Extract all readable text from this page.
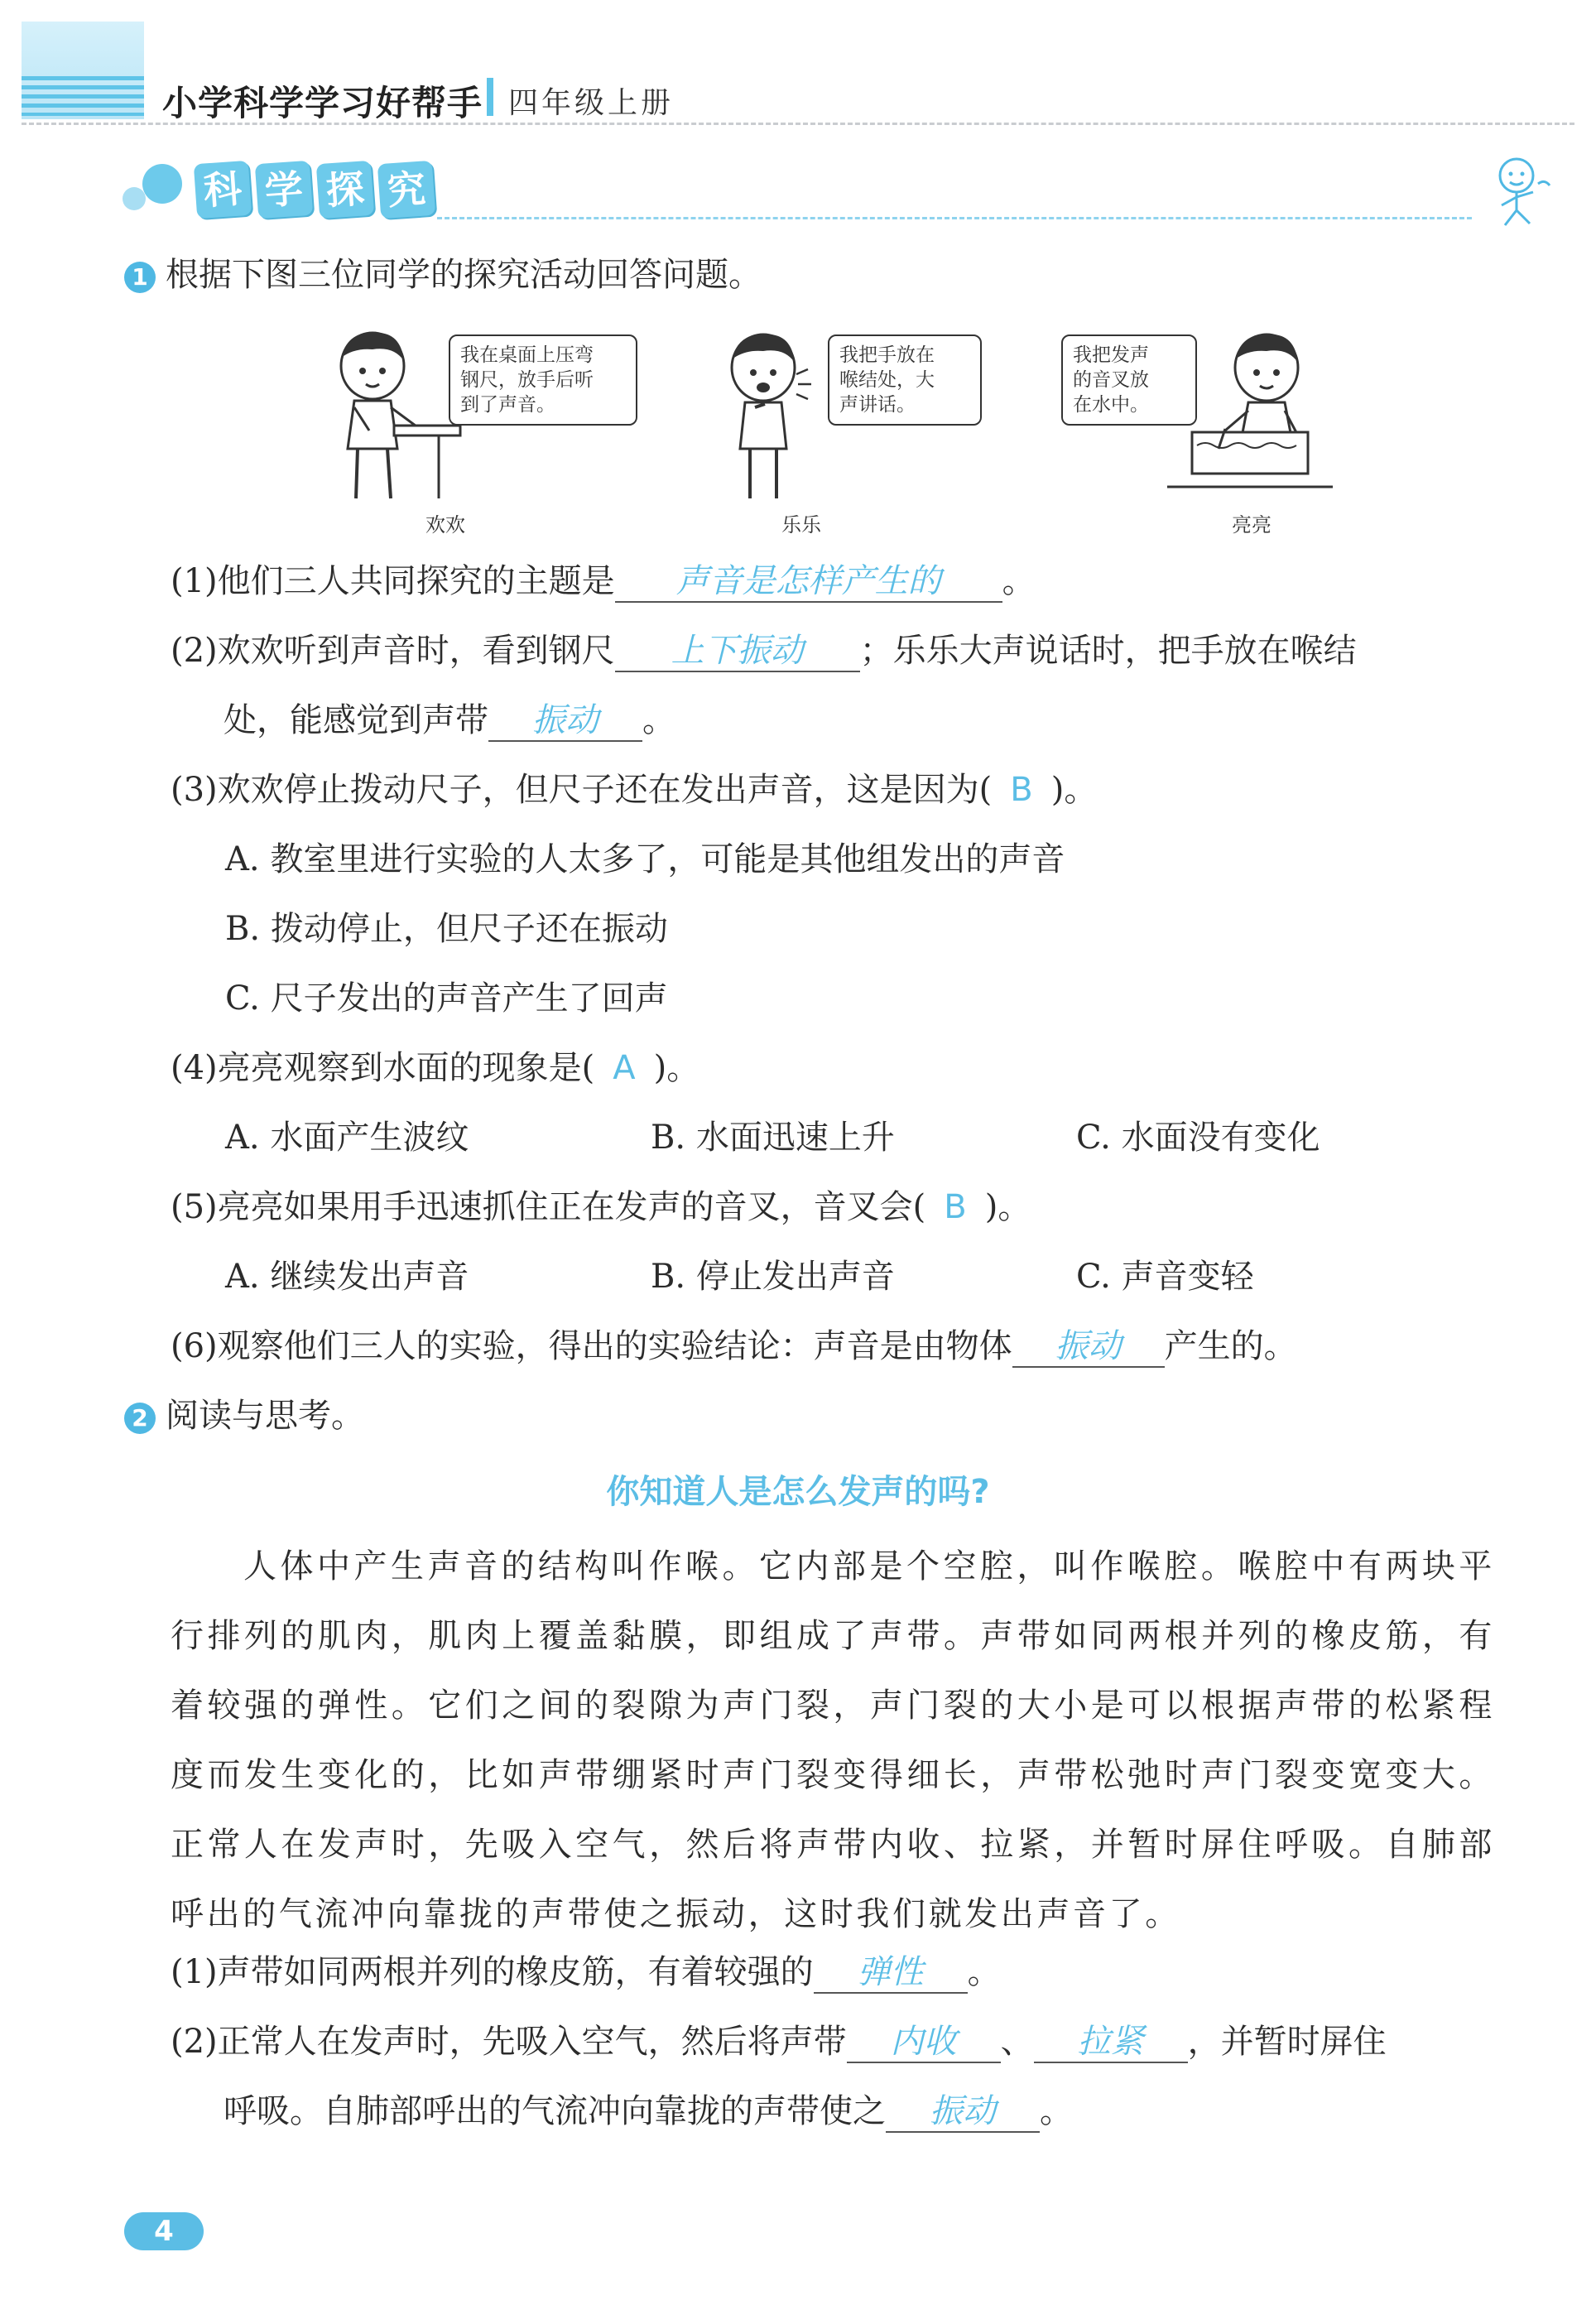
小学科学学习好帮手 四年级上册
科 学 探 究
1 根据下图三位同学的探究活动回答问题。
我在桌面上压弯
钢尺，放手后听
到了声音。
欢欢
我把手放在
喉结处，大
声讲话。
乐乐
我把发声
的音叉放
在水中。
亮亮
(1)他们三人共同探究的主题是 声音是怎样产生的 。
(2)欢欢听到声音时，看到钢尺 上下振动 ；乐乐大声说话时，把手放在喉结
处，能感觉到声带 振动 。
(3)欢欢停止拨动尺子，但尺子还在发出声音，这是因为( B )。
A. 教室里进行实验的人太多了，可能是其他组发出的声音
B. 拨动停止，但尺子还在振动
C. 尺子发出的声音产生了回声
(4)亮亮观察到水面的现象是( A )。
A. 水面产生波纹	B. 水面迅速上升	C. 水面没有变化
(5)亮亮如果用手迅速抓住正在发声的音叉，音叉会( B )。
A. 继续发出声音	B. 停止发出声音	C. 声音变轻
(6)观察他们三人的实验，得出的实验结论：声音是由物体 振动 产生的。
2 阅读与思考。
你知道人是怎么发声的吗?
人体中产生声音的结构叫作喉。它内部是个空腔，叫作喉腔。喉腔中有两块平行排列的肌肉，肌肉上覆盖黏膜，即组成了声带。声带如同两根并列的橡皮筋，有着较强的弹性。它们之间的裂隙为声门裂，声门裂的大小是可以根据声带的松紧程度而发生变化的，比如声带绷紧时声门裂变得细长，声带松弛时声门裂变宽变大。正常人在发声时，先吸入空气，然后将声带内收、拉紧，并暂时屏住呼吸。自肺部呼出的气流冲向靠拢的声带使之振动，这时我们就发出声音了。
(1)声带如同两根并列的橡皮筋，有着较强的 弹性 。
(2)正常人在发声时，先吸入空气，然后将声带 内收 、 拉紧 ，并暂时屏住
呼吸。自肺部呼出的气流冲向靠拢的声带使之 振动 。
4
